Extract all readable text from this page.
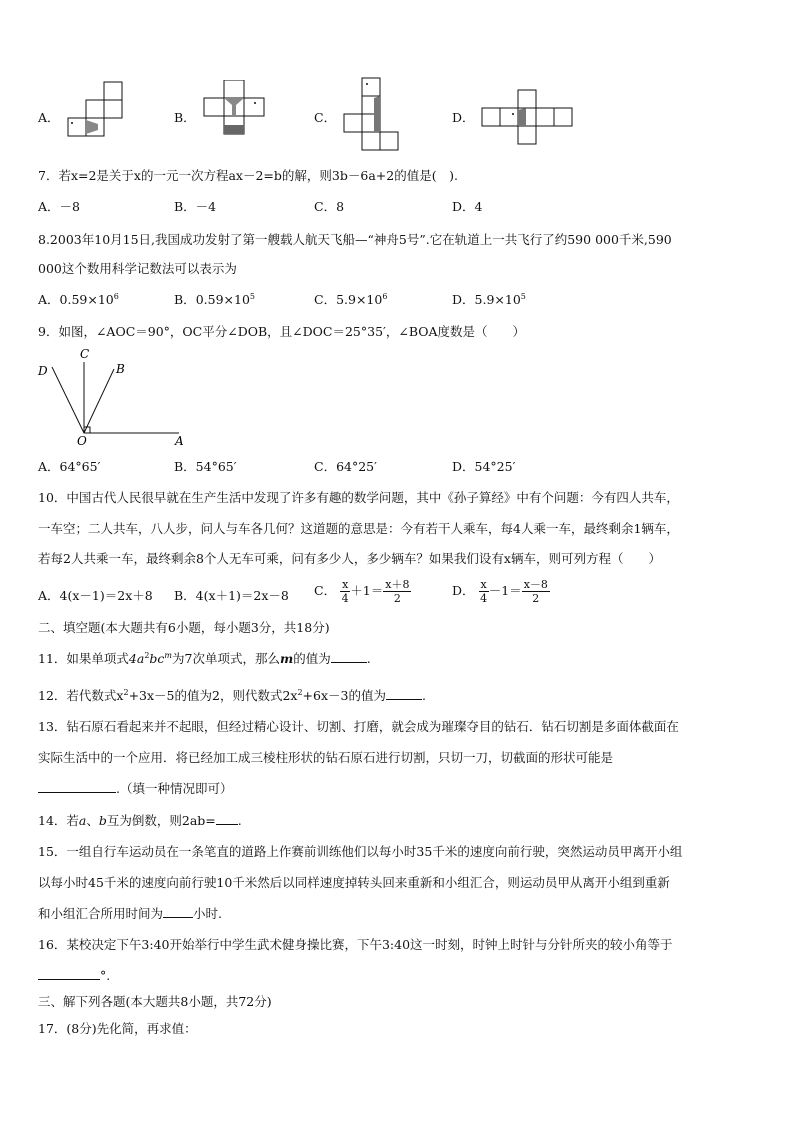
A．	B．	C．	D．
7．若x=2是关于x的一元一次方程ax－2=b的解，则3b－6a+2的值是(　).
A．－8	B．－4	C．8	D．4
8.2003年10月15日,我国成功发射了第一艘载人航天飞船—“神舟5号”.它在轨道上一共飞行了约590 000千米,590
000这个数用科学记数法可以表示为
A．$0.59\times 10^6$	B．$0.59\times 10^5$	C．$5.9\times 10^6$	D．$5.9\times 10^5$
9．如图，∠AOC＝90°，OC平分∠DOB，且∠DOC＝25°35′，∠BOA度数是（　　）
C
D	B
O	A
A．64°65′	B．54°65′	C．64°25′	D．54°25′
10．中国古代人民很早就在生产生活中发现了许多有趣的数学问题，其中《孙子算经》中有个问题：今有四人共车，
一车空；二人共车，八人步，问人与车各几何？这道题的意思是：今有若干人乘车，每4人乘一车，最终剩余1辆车，
若每2人共乘一车，最终剩余8个人无车可乘，问有多少人，多少辆车？如果我们设有x辆车，则可列方程（　　）
A．4(x－1)＝2x＋8 B．4(x＋1)＝2x－8 C． $\frac{x}{4} +1= \frac{x+8}{2}$	D． $\frac{x}{4} -1= \frac{x-8}{2}$
二、填空题(本大题共有6小题，每小题3分，共18分)
11．如果单项式$4a^2bc^m$为7次单项式，那么m的值为	.
12．若代数式$x^2+3x-5$的值为2，则代数式$2x^2+6x-3$的值为	.
13．钻石原石看起来并不起眼，但经过精心设计、切割、打磨，就会成为璀璨夺目的钻石．钻石切割是多面体截面在
实际生活中的一个应用．将已经加工成三棱柱形状的钻石原石进行切割，只切一刀，切截面的形状可能是
.（填一种情况即可）
14．若a、b互为倒数，则2ab= .
15．一组自行车运动员在一条笔直的道路上作赛前训练他们以每小时35千米的速度向前行驶，突然运动员甲离开小组
以每小时45千米的速度向前行驶10千米然后以同样速度掉转头回来重新和小组汇合，则运动员甲从离开小组到重新
和小组汇合所用时间为 小时.
16．某校决定下午3:40开始举行中学生武术健身操比赛，下午3:40这一时刻，时钟上时针与分针所夹的较小角等于
°.
三、解下列各题(本大题共8小题，共72分)
17．(8分)先化简，再求值：
